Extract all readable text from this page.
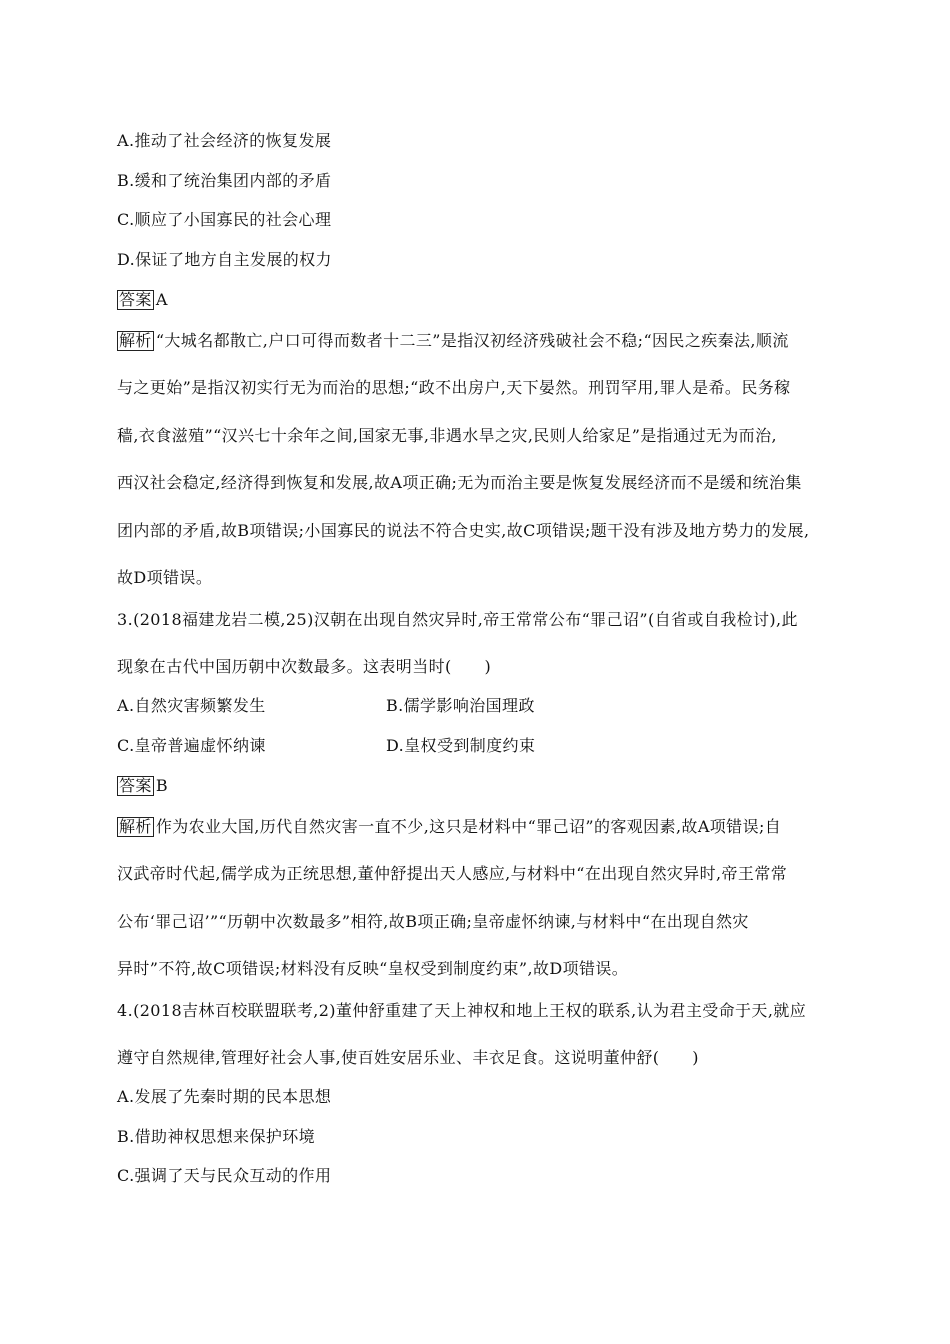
A.推动了社会经济的恢复发展
B.缓和了统治集团内部的矛盾
C.顺应了小国寡民的社会心理
D.保证了地方自主发展的权力
答案 A
解析 “大城名都散亡,户口可得而数者十二三”是指汉初经济残破社会不稳;“因民之疾秦法,顺流
与之更始”是指汉初实行无为而治的思想;“政不出房户,天下晏然。刑罚罕用,罪人是希。民务稼
穑,衣食滋殖”“汉兴七十余年之间,国家无事,非遇水旱之灾,民则人给家足”是指通过无为而治,
西汉社会稳定,经济得到恢复和发展,故A项正确;无为而治主要是恢复发展经济而不是缓和统治集
团内部的矛盾,故B项错误;小国寡民的说法不符合史实,故C项错误;题干没有涉及地方势力的发展,
故D项错误。
3.(2018福建龙岩二模,25)汉朝在出现自然灾异时,帝王常常公布“罪己诏”(自省或自我检讨),此
现象在古代中国历朝中次数最多。这表明当时(　　)
A.自然灾害频繁发生	B.儒学影响治国理政
C.皇帝普遍虚怀纳谏	D.皇权受到制度约束
答案 B
解析 作为农业大国,历代自然灾害一直不少,这只是材料中“罪己诏”的客观因素,故A项错误;自
汉武帝时代起,儒学成为正统思想,董仲舒提出天人感应,与材料中“在出现自然灾异时,帝王常常
公布‘罪己诏’”“历朝中次数最多”相符,故B项正确;皇帝虚怀纳谏,与材料中“在出现自然灾
异时”不符,故C项错误;材料没有反映“皇权受到制度约束”,故D项错误。
4.(2018吉林百校联盟联考,2)董仲舒重建了天上神权和地上王权的联系,认为君主受命于天,就应
遵守自然规律,管理好社会人事,使百姓安居乐业、丰衣足食。这说明董仲舒(　　)
A.发展了先秦时期的民本思想
B.借助神权思想来保护环境
C.强调了天与民众互动的作用
